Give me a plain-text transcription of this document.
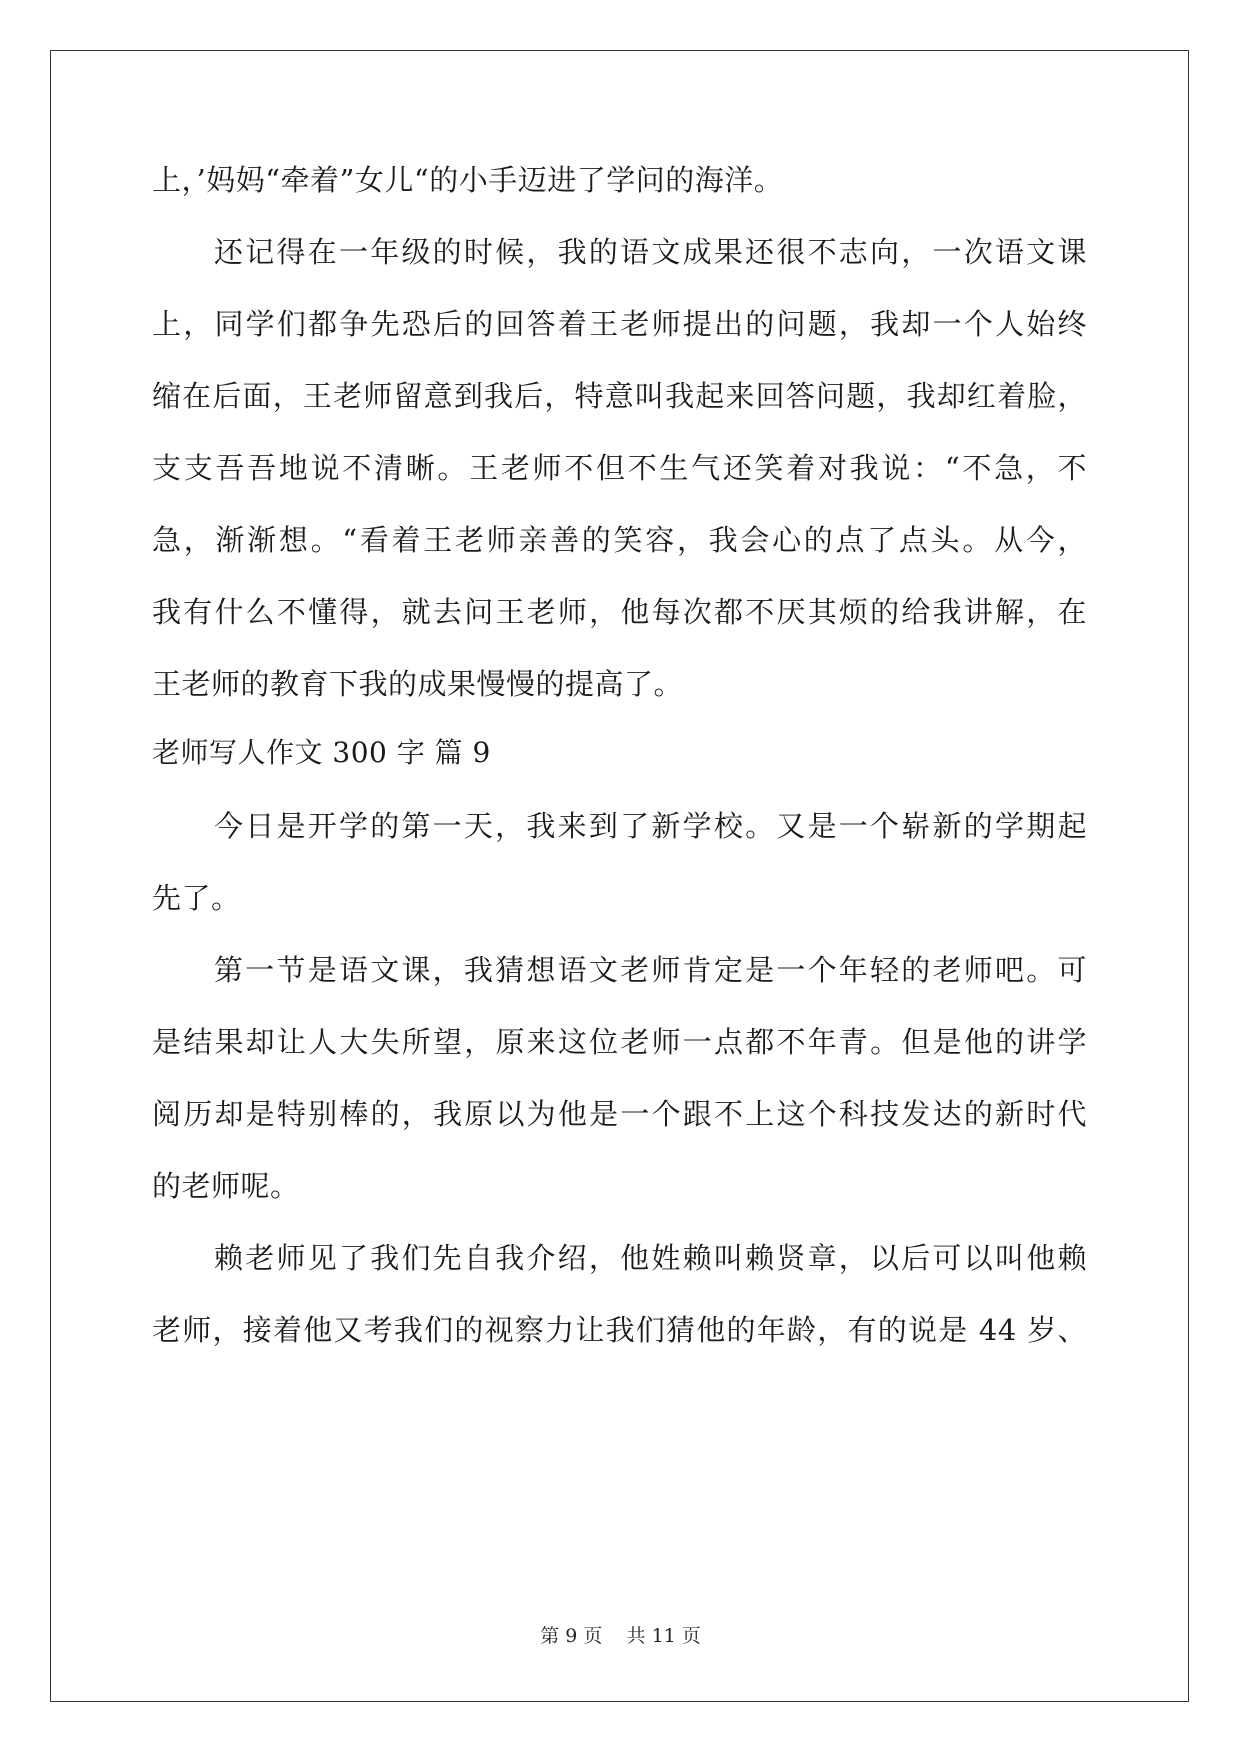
上，’妈妈“牵着”女儿“的小手迈进了学问的海洋。
还记得在一年级的时候，我的语文成果还很不志向，一次语文课
上，同学们都争先恐后的回答着王老师提出的问题，我却一个人始终
缩在后面，王老师留意到我后，特意叫我起来回答问题，我却红着脸，
支支吾吾地说不清晰。王老师不但不生气还笑着对我说：“不急，不
急，渐渐想。“看着王老师亲善的笑容，我会心的点了点头。从今，
我有什么不懂得，就去问王老师，他每次都不厌其烦的给我讲解，在
王老师的教育下我的成果慢慢的提高了。
老师写人作文 300 字 篇 9
今日是开学的第一天，我来到了新学校。又是一个崭新的学期起
先了。
第一节是语文课，我猜想语文老师肯定是一个年轻的老师吧。可
是结果却让人大失所望，原来这位老师一点都不年青。但是他的讲学
阅历却是特别棒的，我原以为他是一个跟不上这个科技发达的新时代
的老师呢。
赖老师见了我们先自我介绍，他姓赖叫赖贤章，以后可以叫他赖
老师，接着他又考我们的视察力让我们猜他的年龄，有的说是 44 岁、
第 9 页 共 11 页
